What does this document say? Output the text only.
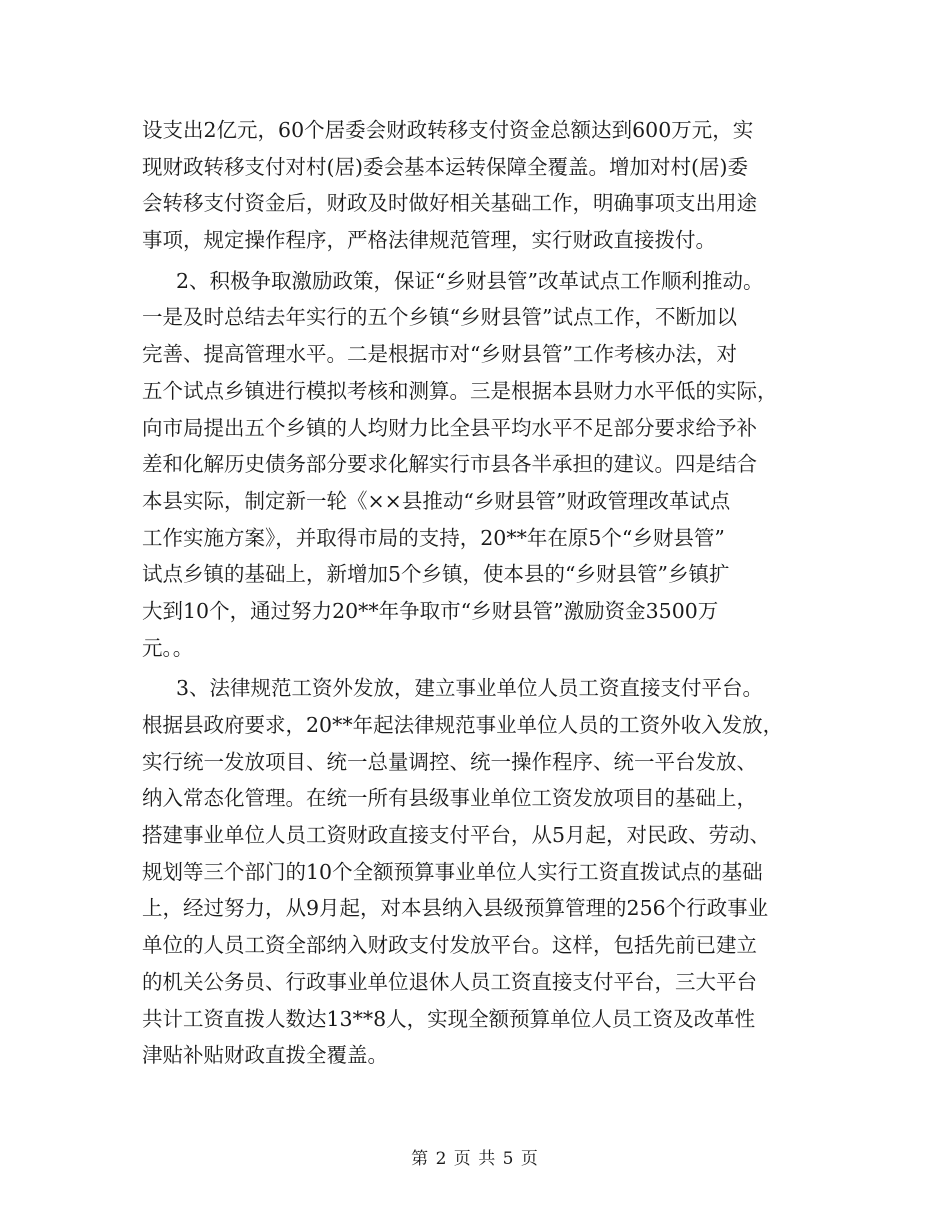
设支出2亿元，60个居委会财政转移支付资金总额达到600万元，实
现财政转移支付对村(居)委会基本运转保障全覆盖。增加对村(居)委
会转移支付资金后，财政及时做好相关基础工作，明确事项支出用途
事项，规定操作程序，严格法律规范管理，实行财政直接拨付。
2、积极争取激励政策，保证“乡财县管”改革试点工作顺利推动。
一是及时总结去年实行的五个乡镇“乡财县管”试点工作，不断加以
完善、提高管理水平。二是根据市对“乡财县管”工作考核办法，对
五个试点乡镇进行模拟考核和测算。三是根据本县财力水平低的实际，
向市局提出五个乡镇的人均财力比全县平均水平不足部分要求给予补
差和化解历史债务部分要求化解实行市县各半承担的建议。四是结合
本县实际，制定新一轮《××县推动“乡财县管”财政管理改革试点
工作实施方案》，并取得市局的支持，20**年在原5个“乡财县管”
试点乡镇的基础上，新增加5个乡镇，使本县的“乡财县管”乡镇扩
大到10个，通过努力20**年争取市“乡财县管”激励资金3500万
元。。
3、法律规范工资外发放，建立事业单位人员工资直接支付平台。
根据县政府要求，20**年起法律规范事业单位人员的工资外收入发放，
实行统一发放项目、统一总量调控、统一操作程序、统一平台发放、
纳入常态化管理。在统一所有县级事业单位工资发放项目的基础上，
搭建事业单位人员工资财政直接支付平台，从5月起，对民政、劳动、
规划等三个部门的10个全额预算事业单位人实行工资直拨试点的基础
上，经过努力，从9月起，对本县纳入县级预算管理的256个行政事业
单位的人员工资全部纳入财政支付发放平台。这样，包括先前已建立
的机关公务员、行政事业单位退休人员工资直接支付平台，三大平台
共计工资直拨人数达13**8人，实现全额预算单位人员工资及改革性
津贴补贴财政直拨全覆盖。
第 2 页 共 5 页
